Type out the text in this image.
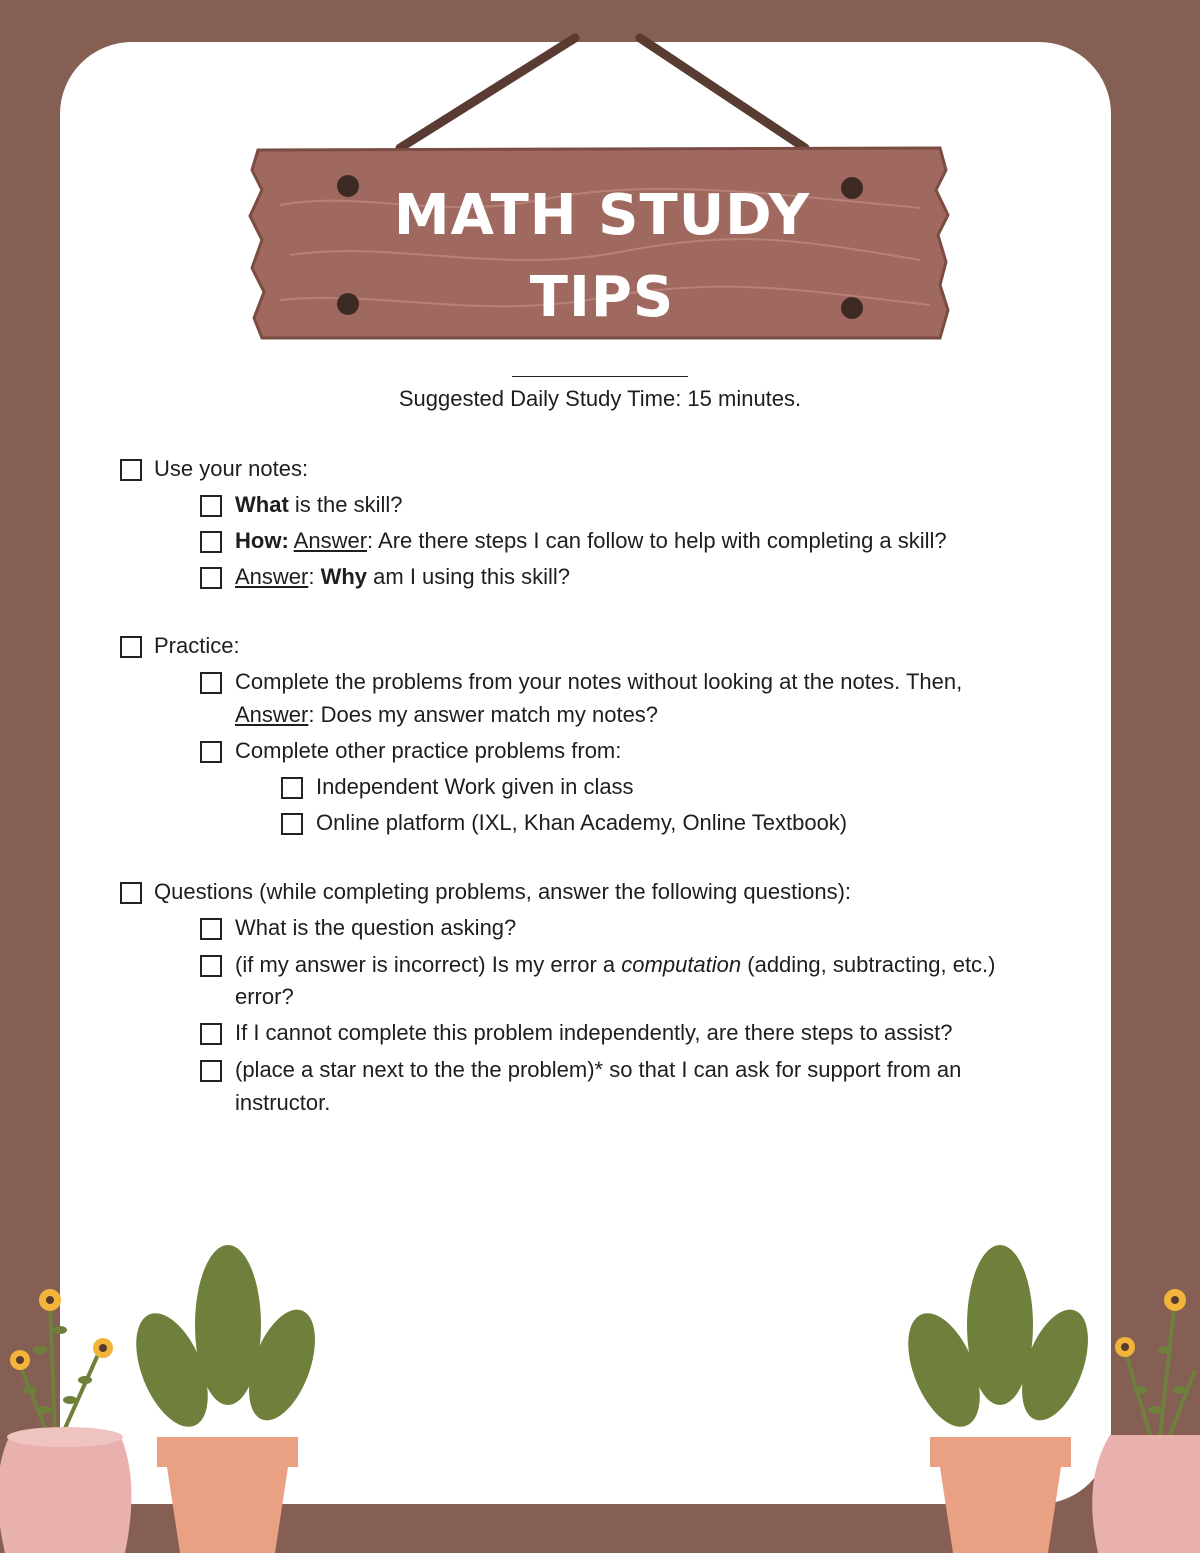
MATH STUDY
TIPS
Suggested Daily Study Time: 15 minutes.
Use your notes:
What is the skill?
How: Answer: Are there steps I can follow to help with completing a skill?
Answer: Why am I using this skill?
Practice:
Complete the problems from your notes without looking at the notes. Then,
Answer: Does my answer match my notes?
Complete other practice problems from:
Independent Work given in class
Online platform (IXL, Khan Academy, Online Textbook)
Questions (while completing problems, answer the following questions):
What is the question asking?
(if my answer is incorrect) Is my error a computation (adding, subtracting, etc.)
error?
If I cannot complete this problem independently, are there steps to assist?
(place a star next to the the problem)* so that I can ask for support from an
instructor.
